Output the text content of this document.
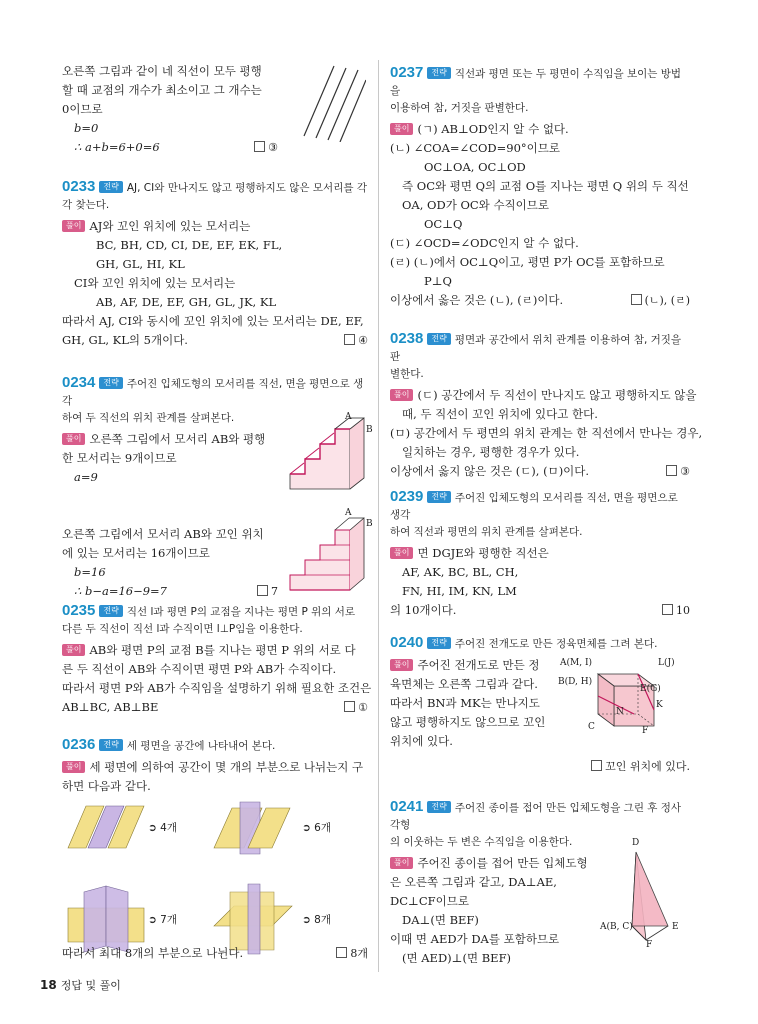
오른쪽 그림과 같이 네 직선이 모두 평행
할 때 교점의 개수가 최소이고 그 개수는
0이므로
b=0
∴ a+b=6+0=6	③
0233 전략 AJ, CI와 만나지도 않고 평행하지도 않은 모서리를 각
각 찾는다.
풀이 AJ와 꼬인 위치에 있는 모서리는
BC, BH, CD, CI, DE, EF, EK, FL,
GH, GL, HI, KL
CI와 꼬인 위치에 있는 모서리는
AB, AF, DE, EF, GH, GL, JK, KL
따라서 AJ, CI와 동시에 꼬인 위치에 있는 모서리는 DE, EF,
GH, GL, KL의 5개이다.	④
0234 전략 주어진 입체도형의 모서리를 직선, 면을 평면으로 생각
하여 두 직선의 위치 관계를 살펴본다.
풀이 오른쪽 그림에서 모서리 AB와 평행
한 모서리는 9개이므로
a=9
오른쪽 그림에서 모서리 AB와 꼬인 위치
에 있는 모서리는 16개이므로
b=16
∴ b−a=16−9=7	7
A
B
A
B
0235 전략 직선 l과 평면 P의 교점을 지나는 평면 P 위의 서로
다른 두 직선이 직선 l과 수직이면 l⊥P임을 이용한다.
풀이 AB와 평면 P의 교점 B를 지나는 평면 P 위의 서로 다
른 두 직선이 AB와 수직이면 평면 P와 AB가 수직이다.
따라서 평면 P와 AB가 수직임을 설명하기 위해 필요한 조건은
AB⊥BC, AB⊥BE	①
0236 전략 세 평면을 공간에 나타내어 본다.
풀이 세 평면에 의하여 공간이 몇 개의 부분으로 나뉘는지 구
하면 다음과 같다.
➲ 4개	➲ 6개
➲ 7개	➲ 8개
따라서 최대 8개의 부분으로 나뉜다.	8개
0237 전략 직선과 평면 또는 두 평면이 수직임을 보이는 방법을
이용하여 참, 거짓을 판별한다.
풀이 (ㄱ) AB⊥OD인지 알 수 없다.
(ㄴ) ∠COA=∠COD=90°이므로
OC⊥OA, OC⊥OD
즉 OC와 평면 Q의 교점 O를 지나는 평면 Q 위의 두 직선
OA, OD가 OC와 수직이므로
OC⊥Q
(ㄷ) ∠OCD=∠ODC인지 알 수 없다.
(ㄹ) (ㄴ)에서 OC⊥Q이고, 평면 P가 OC를 포함하므로
P⊥Q
이상에서 옳은 것은 (ㄴ), (ㄹ)이다.	(ㄴ), (ㄹ)
0238 전략 평면과 공간에서 위치 관계를 이용하여 참, 거짓을 판
별한다.
풀이 (ㄷ) 공간에서 두 직선이 만나지도 않고 평행하지도 않을
때, 두 직선이 꼬인 위치에 있다고 한다.
(ㅁ) 공간에서 두 평면의 위치 관계는 한 직선에서 만나는 경우,
일치하는 경우, 평행한 경우가 있다.
이상에서 옳지 않은 것은 (ㄷ), (ㅁ)이다.	③
0239 전략 주어진 입체도형의 모서리를 직선, 면을 평면으로 생각
하여 직선과 평면의 위치 관계를 살펴본다.
풀이 면 DGJE와 평행한 직선은
AF, AK, BC, BL, CH,
FN, HI, IM, KN, LM
의 10개이다.	10
0240 전략 주어진 전개도로 만든 정육면체를 그려 본다.
풀이 주어진 전개도로 만든 정
육면체는 오른쪽 그림과 같다.
따라서 BN과 MK는 만나지도
않고 평행하지도 않으므로 꼬인
위치에 있다.
꼬인 위치에 있다.
A(M, I)	L(J)
B(D, H)
E(G)
K
N
C	F
0241 전략 주어진 종이를 접어 만든 입체도형을 그린 후 정사각형
의 이웃하는 두 변은 수직임을 이용한다.
풀이 주어진 종이를 접어 만든 입체도형
은 오른쪽 그림과 같고, DA⊥AE,
DC⊥CF이므로
DA⊥(면 BEF)
이때 면 AED가 DA를 포함하므로
(면 AED)⊥(면 BEF)
D
A(B, C)	E
F
18 정답 및 풀이
